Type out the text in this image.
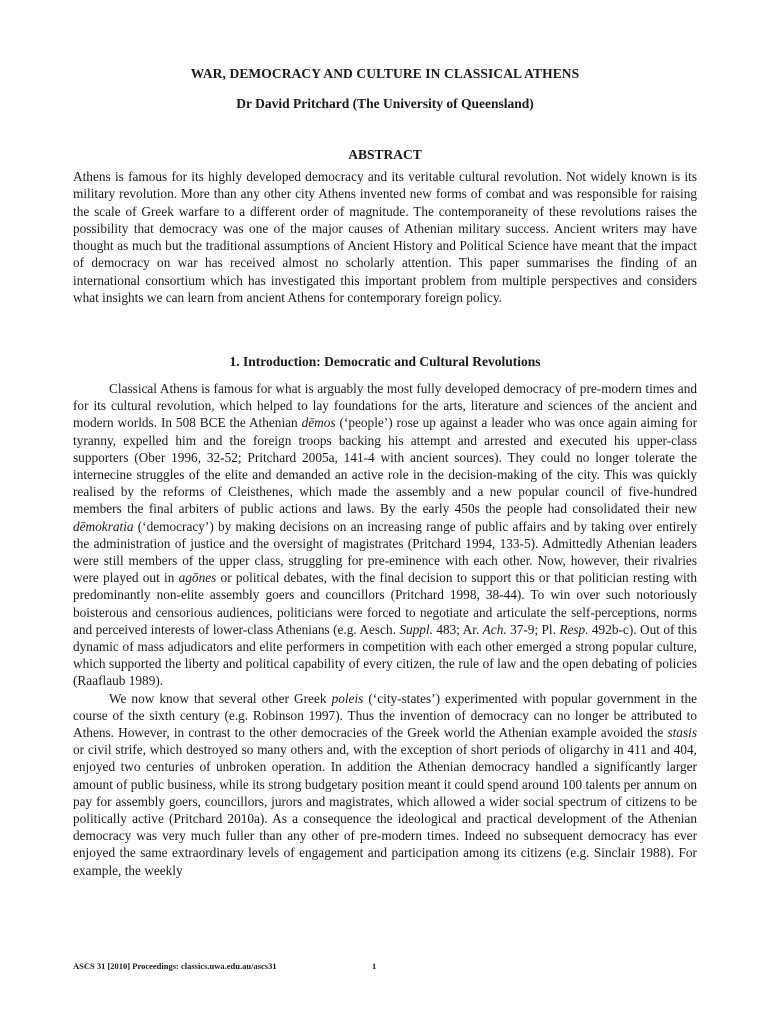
WAR, DEMOCRACY AND CULTURE IN CLASSICAL ATHENS
Dr David Pritchard (The University of Queensland)
ABSTRACT

Athens is famous for its highly developed democracy and its veritable cultural revolution. Not widely known is its military revolution. More than any other city Athens invented new forms of combat and was responsible for raising the scale of Greek warfare to a different order of magnitude. The contemporaneity of these revolutions raises the possibility that democracy was one of the major causes of Athenian military success. Ancient writers may have thought as much but the traditional assumptions of Ancient History and Political Science have meant that the impact of democracy on war has received almost no scholarly attention. This paper summarises the finding of an international consortium which has investigated this important problem from multiple perspectives and considers what insights we can learn from ancient Athens for contemporary foreign policy.

1. Introduction: Democratic and Cultural Revolutions

Classical Athens is famous for what is arguably the most fully developed democracy of pre-modern times and for its cultural revolution, which helped to lay foundations for the arts, literature and sciences of the ancient and modern worlds. In 508 BCE the Athenian dēmos (‘people’) rose up against a leader who was once again aiming for tyranny, expelled him and the foreign troops backing his attempt and arrested and executed his upper-class supporters (Ober 1996, 32-52; Pritchard 2005a, 141-4 with ancient sources). They could no longer tolerate the internecine struggles of the elite and demanded an active role in the decision-making of the city. This was quickly realised by the reforms of Cleisthenes, which made the assembly and a new popular council of five-hundred members the final arbiters of public actions and laws. By the early 450s the people had consolidated their new dēmokratia (‘democracy’) by making decisions on an increasing range of public affairs and by taking over entirely the administration of justice and the oversight of magistrates (Pritchard 1994, 133-5). Admittedly Athenian leaders were still members of the upper class, struggling for pre-eminence with each other. Now, however, their rivalries were played out in agōnes or political debates, with the final decision to support this or that politician resting with predominantly non-elite assembly goers and councillors (Pritchard 1998, 38-44). To win over such notoriously boisterous and censorious audiences, politicians were forced to negotiate and articulate the self-perceptions, norms and perceived interests of lower-class Athenians (e.g. Aesch. Suppl. 483; Ar. Ach. 37-9; Pl. Resp. 492b-c). Out of this dynamic of mass adjudicators and elite performers in competition with each other emerged a strong popular culture, which supported the liberty and political capability of every citizen, the rule of law and the open debating of policies (Raaflaub 1989).

We now know that several other Greek poleis (‘city-states’) experimented with popular government in the course of the sixth century (e.g. Robinson 1997). Thus the invention of democracy can no longer be attributed to Athens. However, in contrast to the other democracies of the Greek world the Athenian example avoided the stasis or civil strife, which destroyed so many others and, with the exception of short periods of oligarchy in 411 and 404, enjoyed two centuries of unbroken operation. In addition the Athenian democracy handled a significantly larger amount of public business, while its strong budgetary position meant it could spend around 100 talents per annum on pay for assembly goers, councillors, jurors and magistrates, which allowed a wider social spectrum of citizens to be politically active (Pritchard 2010a). As a consequence the ideological and practical development of the Athenian democracy was very much fuller than any other of pre-modern times. Indeed no subsequent democracy has ever enjoyed the same extraordinary levels of engagement and participation among its citizens (e.g. Sinclair 1988). For example, the weekly

ASCS 31 [2010] Proceedings: classics.uwa.edu.au/ascs31	1
